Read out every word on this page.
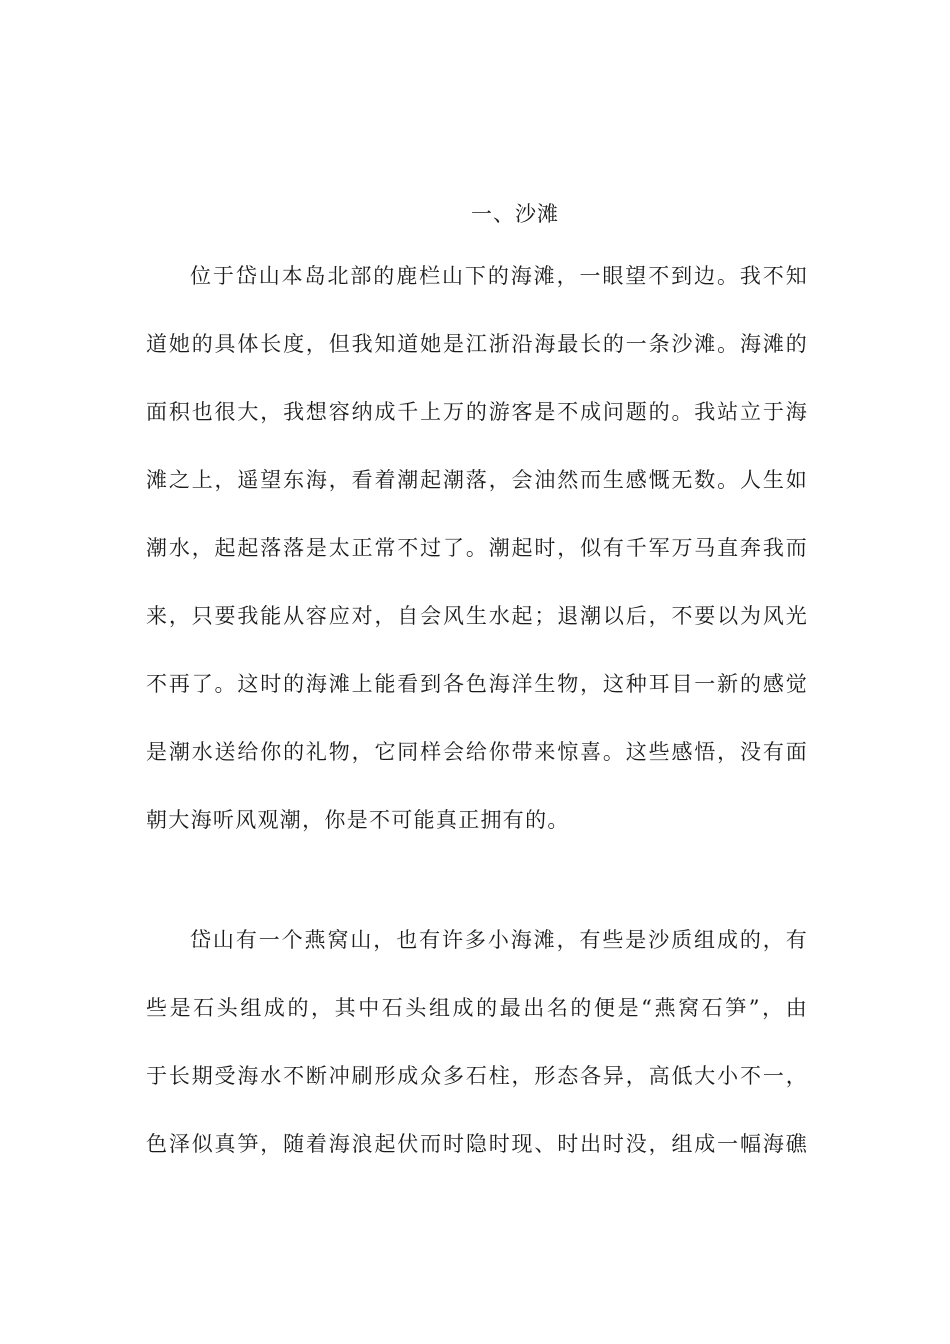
一、沙滩
位于岱山本岛北部的鹿栏山下的海滩，一眼望不到边。我不知
道她的具体长度，但我知道她是江浙沿海最长的一条沙滩。海滩的
面积也很大，我想容纳成千上万的游客是不成问题的。我站立于海
滩之上，遥望东海，看着潮起潮落，会油然而生感慨无数。人生如
潮水，起起落落是太正常不过了。潮起时，似有千军万马直奔我而
来，只要我能从容应对，自会风生水起；退潮以后，不要以为风光
不再了。这时的海滩上能看到各色海洋生物，这种耳目一新的感觉
是潮水送给你的礼物，它同样会给你带来惊喜。这些感悟，没有面
朝大海听风观潮，你是不可能真正拥有的。
岱山有一个燕窝山，也有许多小海滩，有些是沙质组成的，有
些是石头组成的，其中石头组成的最出名的便是“燕窝石笋”，由
于长期受海水不断冲刷形成众多石柱，形态各异，高低大小不一，
色泽似真笋，随着海浪起伏而时隐时现、时出时没，组成一幅海礁
